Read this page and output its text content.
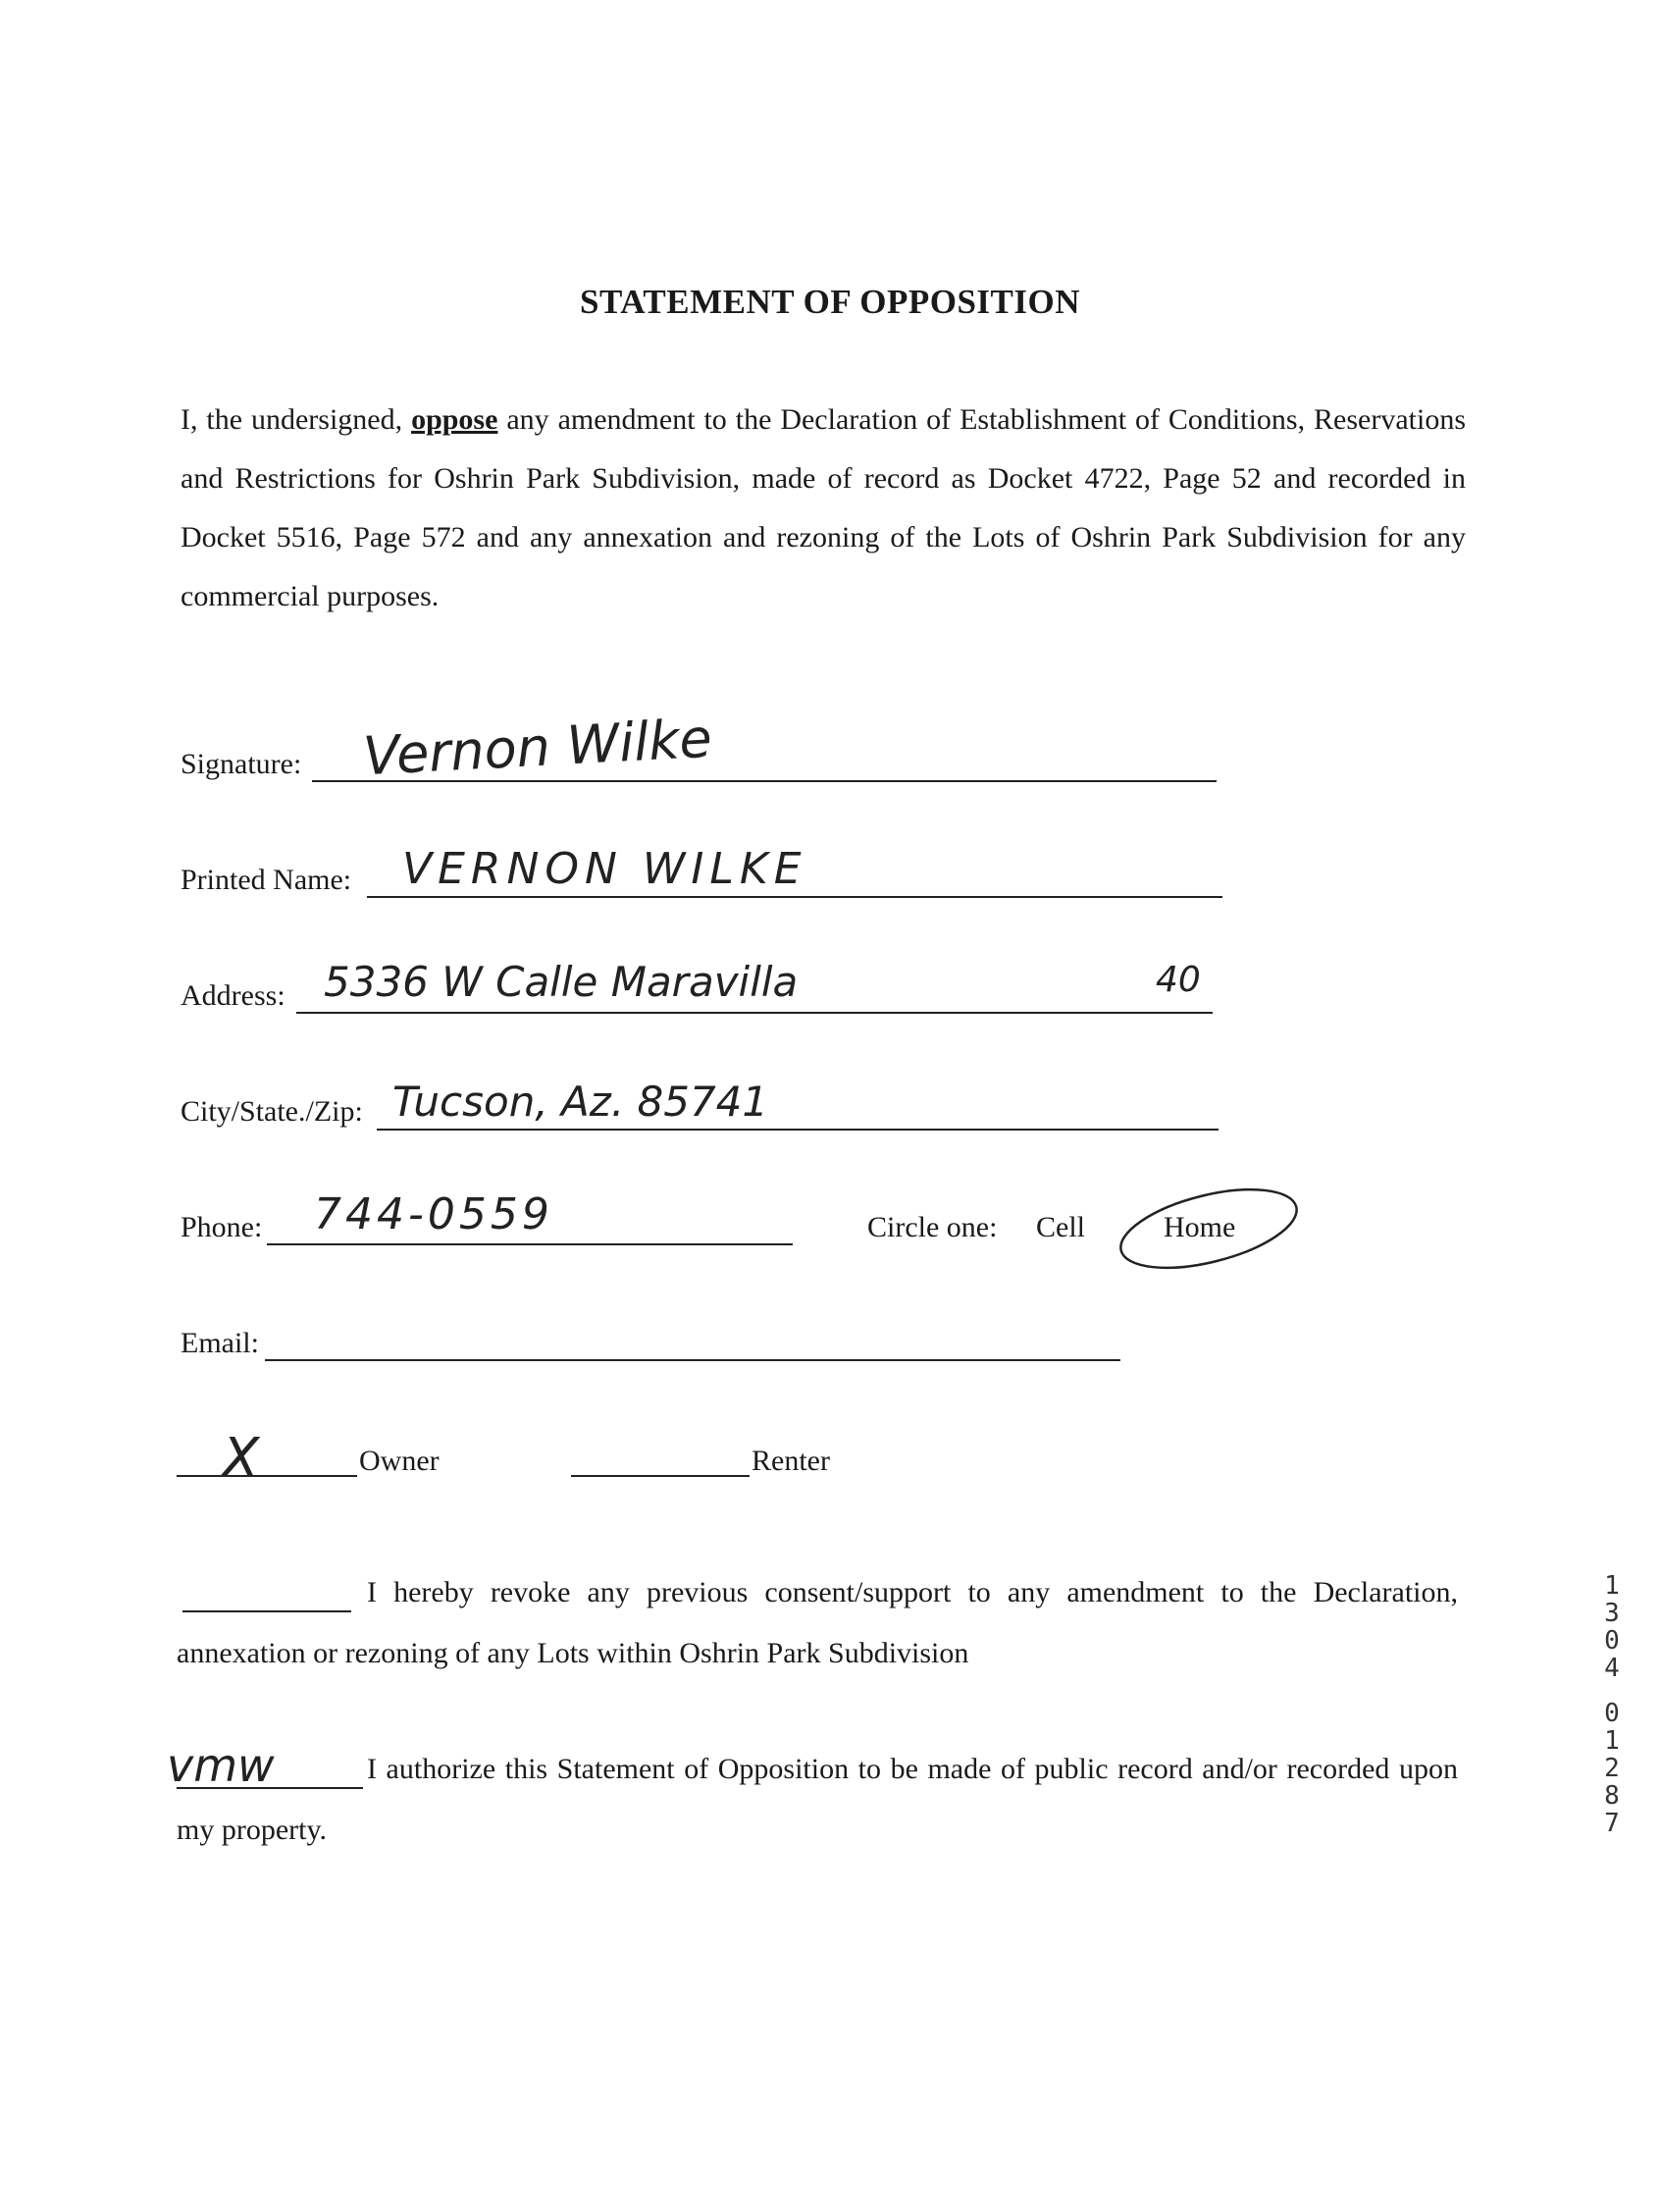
STATEMENT OF OPPOSITION
I, the undersigned, oppose any amendment to the Declaration of Establishment of Conditions, Reservations and Restrictions for Oshrin Park Subdivision, made of record as Docket 4722, Page 52 and recorded in Docket 5516, Page 572 and any annexation and rezoning of the Lots of Oshrin Park Subdivision for any commercial purposes.
Signature: Vernon Wilke
Printed Name: VERNON WILKE
Address: 5336 W Calle Maravilla	40
City/State./Zip: Tucson, Az. 85741
Phone: 744-0559	Circle one: Cell	Home
Email:
X	Owner	Renter
I hereby revoke any previous consent/support to any amendment to the Declaration, annexation or rezoning of any Lots within Oshrin Park Subdivision
vmw	I authorize this Statement of Opposition to be made of public record and/or recorded upon my property.
1
3
0
4
0
1
2
8
7
